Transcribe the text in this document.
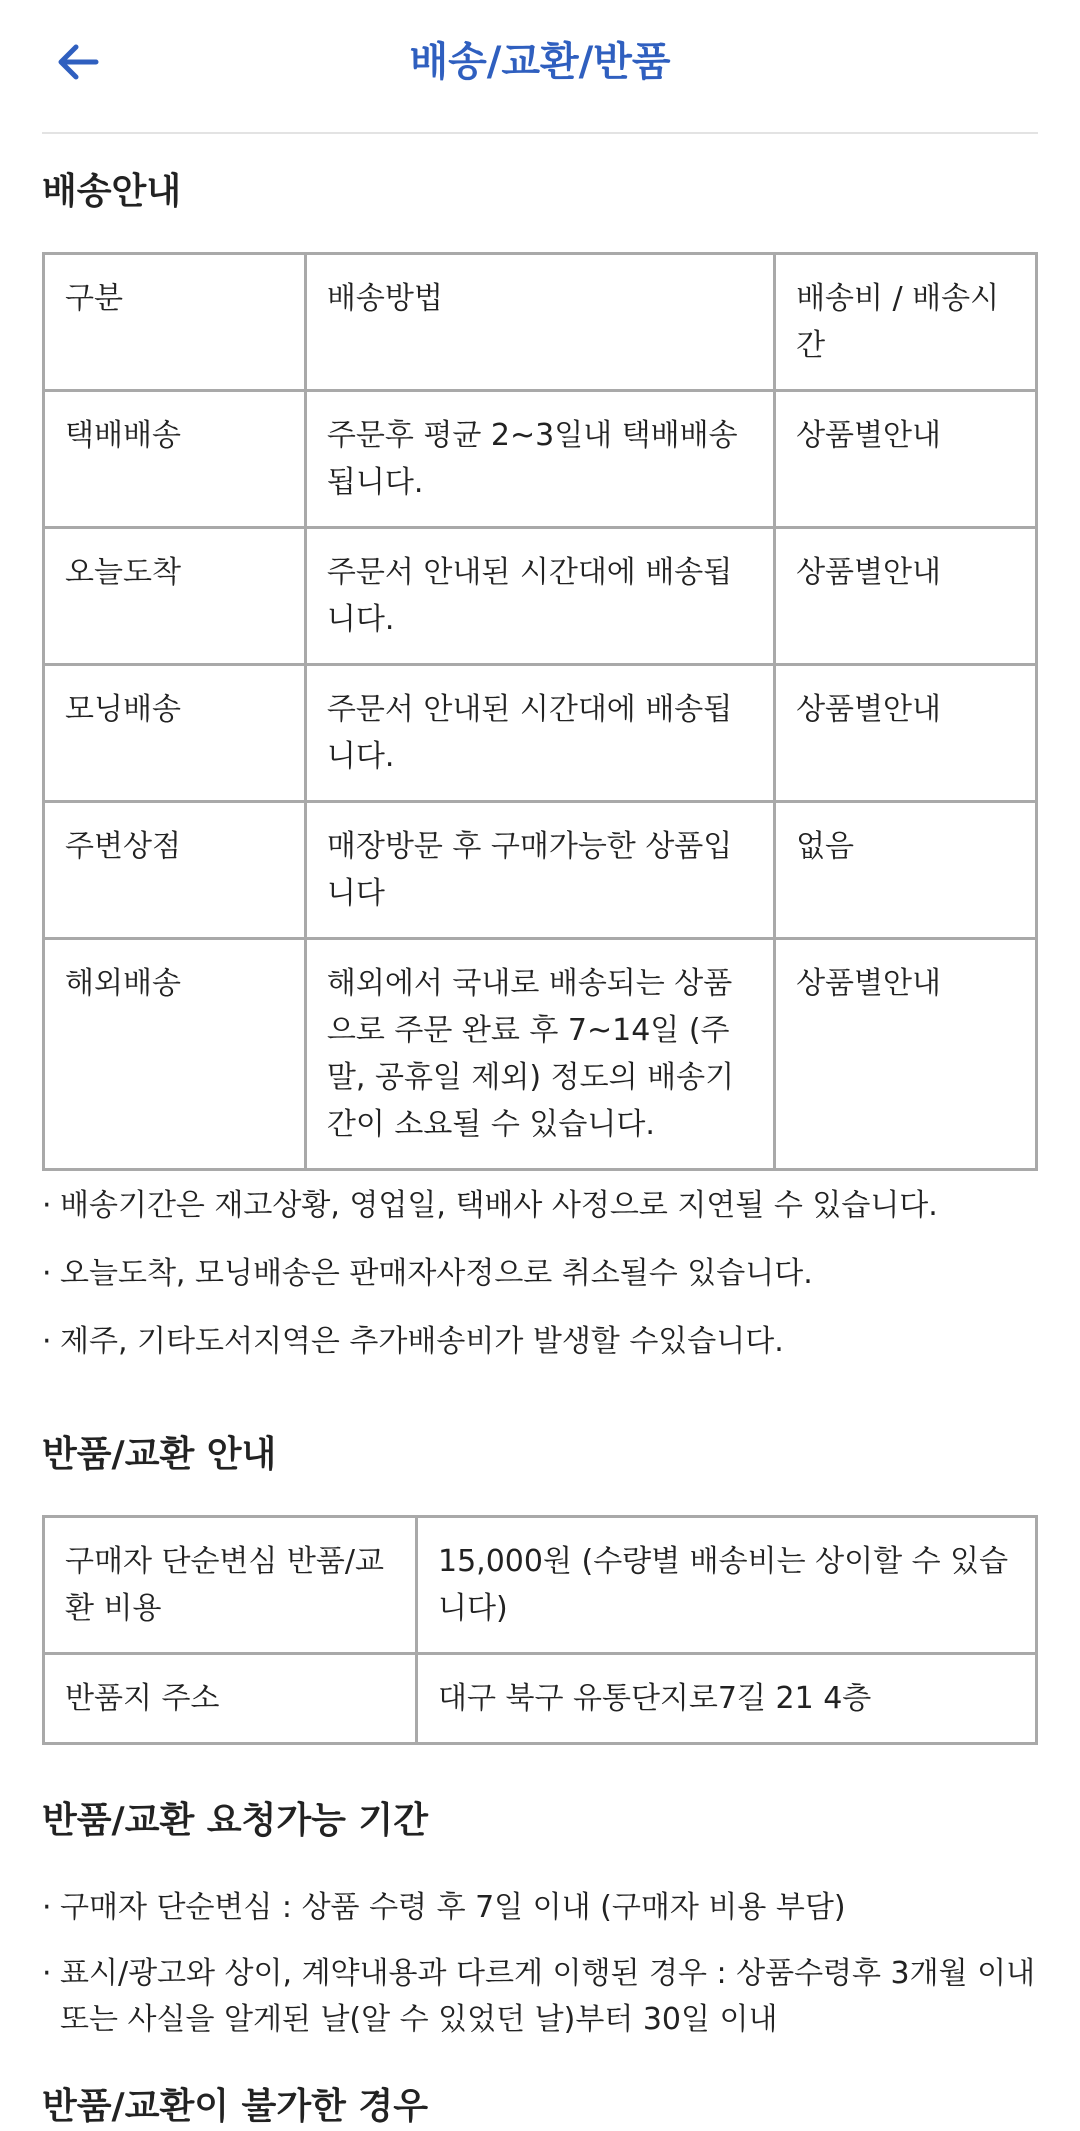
배송/교환/반품
배송안내
구분	배송방법	배송비 / 배송시간
택배배송	주문후 평균 2~3일내 택배배송됩니다.	상품별안내
오늘도착	주문서 안내된 시간대에 배송됩니다.	상품별안내
모닝배송	주문서 안내된 시간대에 배송됩니다.	상품별안내
주변상점	매장방문 후 구매가능한 상품입니다	없음
해외배송	해외에서 국내로 배송되는 상품으로 주문 완료 후 7~14일 (주말, 공휴일 제외) 정도의 배송기간이 소요될 수 있습니다.	상품별안내
· 배송기간은 재고상황, 영업일, 택배사 사정으로 지연될 수 있습니다.
· 오늘도착, 모닝배송은 판매자사정으로 취소될수 있습니다.
· 제주, 기타도서지역은 추가배송비가 발생할 수있습니다.
반품/교환 안내
구매자 단순변심 반품/교환 비용	15,000원 (수량별 배송비는 상이할 수 있습니다)
반품지 주소	대구 북구 유통단지로7길 21 4층
반품/교환 요청가능 기간
· 구매자 단순변심 : 상품 수령 후 7일 이내 (구매자 비용 부담)
· 표시/광고와 상이, 계약내용과 다르게 이행된 경우 : 상품수령후 3개월 이내 또는 사실을 알게된 날(알 수 있었던 날)부터 30일 이내
반품/교환이 불가한 경우
